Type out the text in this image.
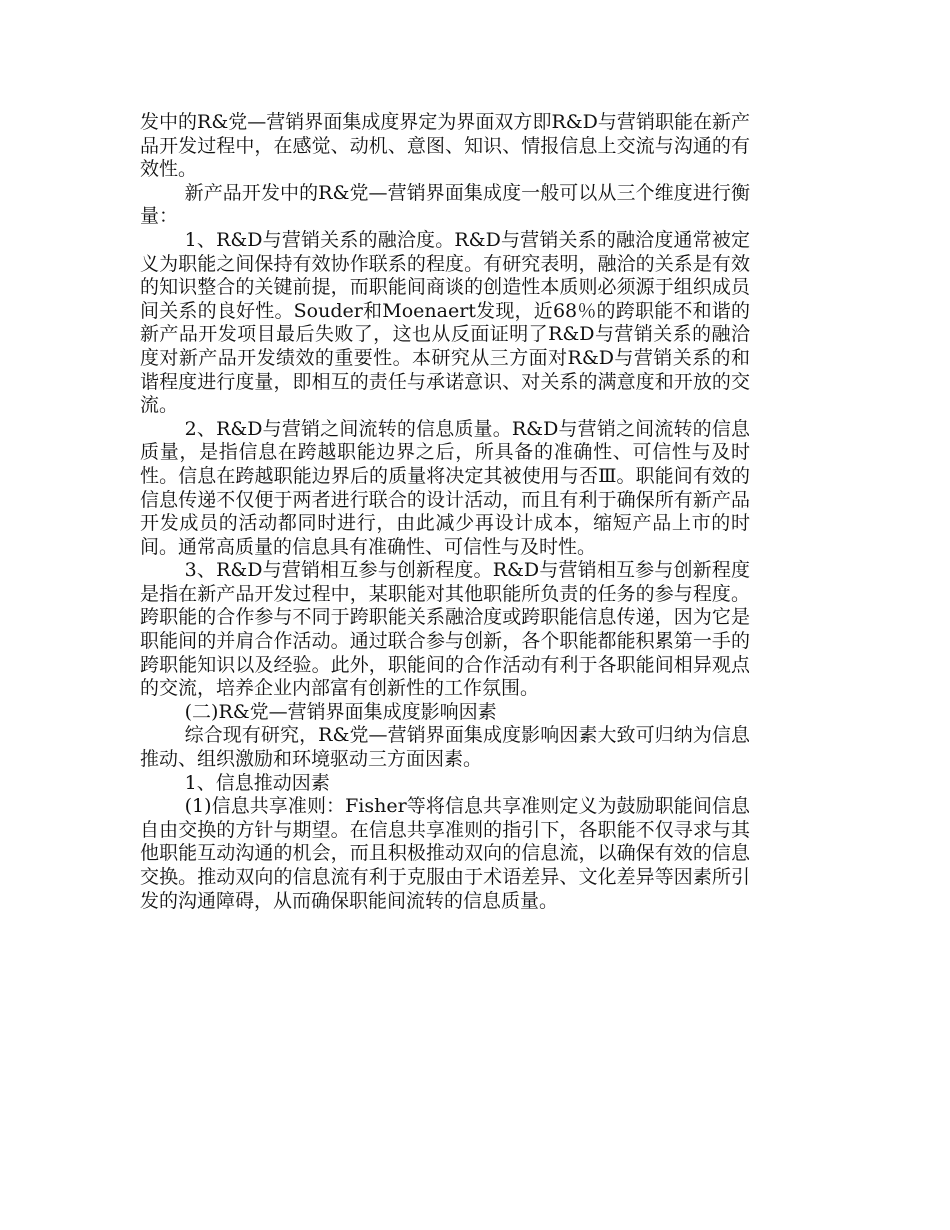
发中的R&党—营销界面集成度界定为界面双方即R&D与营销职能在新产品开发过程中，在感觉、动机、意图、知识、情报信息上交流与沟通的有效性。

新产品开发中的R&党—营销界面集成度一般可以从三个维度进行衡量：

1、R&D与营销关系的融洽度。R&D与营销关系的融洽度通常被定义为职能之间保持有效协作联系的程度。有研究表明，融洽的关系是有效的知识整合的关键前提，而职能间商谈的创造性本质则必须源于组织成员间关系的良好性。Souder和Moenaert发现，近68％的跨职能不和谐的新产品开发项目最后失败了，这也从反面证明了R&D与营销关系的融洽度对新产品开发绩效的重要性。本研究从三方面对R&D与营销关系的和谐程度进行度量，即相互的责任与承诺意识、对关系的满意度和开放的交流。

2、R&D与营销之间流转的信息质量。R&D与营销之间流转的信息质量，是指信息在跨越职能边界之后，所具备的准确性、可信性与及时性。信息在跨越职能边界后的质量将决定其被使用与否Ⅲ。职能间有效的信息传递不仅便于两者进行联合的设计活动，而且有利于确保所有新产品开发成员的活动都同时进行，由此减少再设计成本，缩短产品上市的时间。通常高质量的信息具有准确性、可信性与及时性。

3、R&D与营销相互参与创新程度。R&D与营销相互参与创新程度是指在新产品开发过程中，某职能对其他职能所负责的任务的参与程度。跨职能的合作参与不同于跨职能关系融洽度或跨职能信息传递，因为它是职能间的并肩合作活动。通过联合参与创新，各个职能都能积累第一手的跨职能知识以及经验。此外，职能间的合作活动有利于各职能间相异观点的交流，培养企业内部富有创新性的工作氛围。

(二)R&党—营销界面集成度影响因素

综合现有研究，R&党—营销界面集成度影响因素大致可归纳为信息推动、组织激励和环境驱动三方面因素。

1、信息推动因素

(1)信息共享准则：Fisher等将信息共享准则定义为鼓励职能间信息自由交换的方针与期望。在信息共享准则的指引下，各职能不仅寻求与其他职能互动沟通的机会，而且积极推动双向的信息流，以确保有效的信息交换。推动双向的信息流有利于克服由于术语差异、文化差异等因素所引发的沟通障碍，从而确保职能间流转的信息质量。
